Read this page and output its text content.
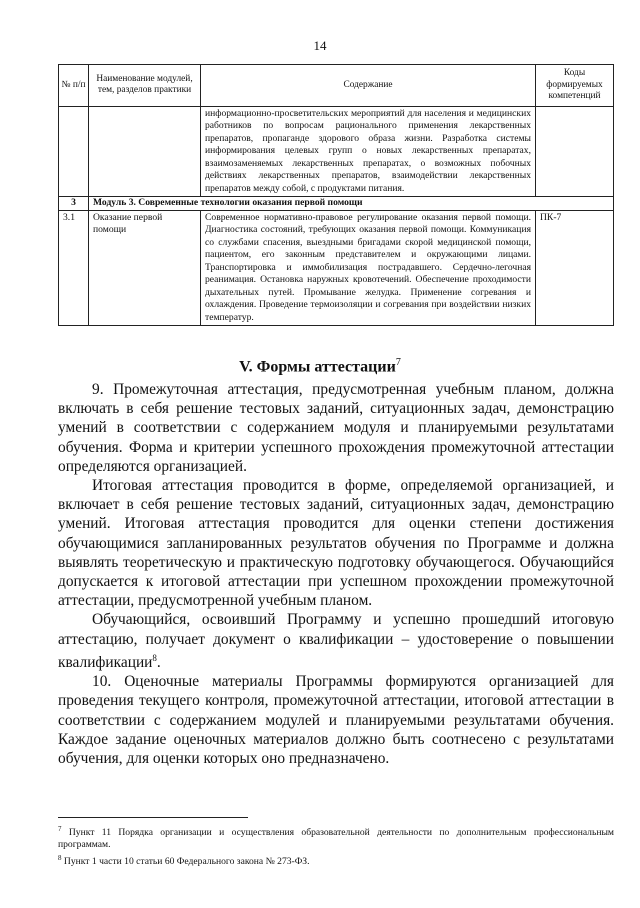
14
№ п/п	Наименование модулей, тем, разделов практики	Содержание	Коды формируемых компетенций
		информационно-просветительских мероприятий для населения и медицинских работников по вопросам рационального применения лекарственных препаратов, пропаганде здорового образа жизни. Разработка системы информирования целевых групп о новых лекарственных препаратах, взаимозаменяемых лекарственных препаратах, о возможных побочных действиях лекарственных препаратов, взаимодействии лекарственных препаратов между собой, с продуктами питания.	
3	Модуль 3. Современные технологии оказания первой помощи		
3.1	Оказание первой помощи	Современное нормативно-правовое регулирование оказания первой помощи. Диагностика состояний, требующих оказания первой помощи. Коммуникация со службами спасения, выездными бригадами скорой медицинской помощи, пациентом, его законным представителем и окружающими лицами. Транспортировка и иммобилизация пострадавшего. Сердечно-легочная реанимация. Остановка наружных кровотечений. Обеспечение проходимости дыхательных путей. Промывание желудка. Применение согревания и охлаждения. Проведение термоизоляции и согревания при воздействии низких температур.	ПК-7
V. Формы аттестации$^7$

9. Промежуточная аттестация, предусмотренная учебным планом, должна включать в себя решение тестовых заданий, ситуационных задач, демонстрацию умений в соответствии с содержанием модуля и планируемыми результатами обучения. Форма и критерии успешного прохождения промежуточной аттестации определяются организацией.

Итоговая аттестация проводится в форме, определяемой организацией, и включает в себя решение тестовых заданий, ситуационных задач, демонстрацию умений. Итоговая аттестация проводится для оценки степени достижения обучающимися запланированных результатов обучения по Программе и должна выявлять теоретическую и практическую подготовку обучающегося. Обучающийся допускается к итоговой аттестации при успешном прохождении промежуточной аттестации, предусмотренной учебным планом.

Обучающийся, освоивший Программу и успешно прошедший итоговую аттестацию, получает документ о квалификации – удостоверение о повышении квалификации$^8$.

10. Оценочные материалы Программы формируются организацией для проведения текущего контроля, промежуточной аттестации, итоговой аттестации в соответствии с содержанием модулей и планируемыми результатами обучения. Каждое задание оценочных материалов должно быть соотнесено с результатами обучения, для оценки которых оно предназначено.

$^7$ Пункт 11 Порядка организации и осуществления образовательной деятельности по дополнительным профессиональным программам.

$^8$ Пункт 1 части 10 статьи 60 Федерального закона № 273-ФЗ.
